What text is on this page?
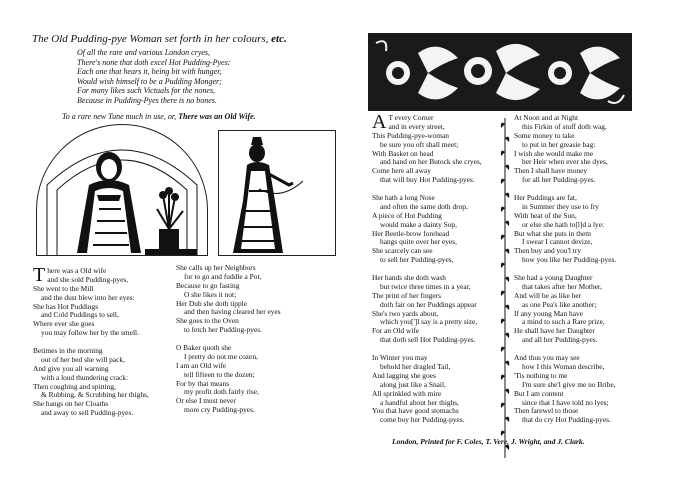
The Old Pudding-pye Woman set forth in her colours, etc.
Of all the rare and various London cryes,
There's none that doth excel Hot Pudding-Pyes:
Each one that hears it, being bit with hunger,
Would wish himself to be a Pudding Monger;
For many likes such Victuals for the nones,
Because in Pudding-Pyes there is no bones.
To a rare new Tune much in use, or, There was an Old Wife.
There was a Old wife
and she sold Pudding-pyes,
She went to the Mill
and the dust blew into her eyes:
She has Hot Puddings
and Cold Puddings to sell,
Where ever she goes
you may follow her by the smell.
Betimes in the morning
out of her bed she will pack,
And give you all warning
with a loud thundering crack:
Then coughing and spitting,
& Rubbing, & Scrubbing her thighs,
She hangs on her Cloaths
and away to sell Pudding-pyes.
She calls up her Neighbors
for to go and fuddle a Pot,
Because to go fasting
O she likes it not;
Her Dub she doth tipple
and then having cleared her eyes
She goes to the Oven
to fetch her Pudding-pyes.
O Baker quoth she
I pretty do not me cozen,
I am an Old wife
tell fifteen to the dozen;
For by that means
my profit doth fairly rise,
Or else I must never
more cry Pudding-pyes.
A T every Corner
and in every street,
This Pudding-pye-woman
be sure you oft shall meet;
With Basket on head
and hand on her Butock she cryes,
Come here all away
that will buy Hot Pudding-pyes.
She hath a long Nose
and often the same doth drop,
A piece of Hot Pudding
would make a dainty Sop,
Her Beetle-brow forehead
hangs quite over her eyes,
She scarcely can see
to sell her Pudding-pyes,
Her hands she doth wash
but twice three times in a year,
The print of her fingers
doth fair on her Puddings appear
She's two yards about,
which you[']l say is a pretty size,
For an Old wife
that doth sell Hot Pudding-pyes.
In Winter you may
behold her dragled Tail,
And lagging she goes
along just like a Snail,
All sprinkled with mire
a handful about her thighs,
You that have good stomachs
come buy her Pudding-pyes.
At Noon and at Night
this Firkin of stuff doth wag,
Some money to take
to put in her greasie bag:
I wish she would make me
her Heir when ever she dyes,
Then I shall have money
for all her Pudding-pyes.
Her Puddings are fat,
in Summer they use to fry
With heat of the Sun,
or else she hath to[l]d a lye:
But what she puts in them
I swear I cannot devize,
Then buy and you'l try
how you like her Pudding-pyes.
She had a young Daughter
that takes after her Mother,
And will be as like her
as one Pea's like another;
If any young Man have
a mind to such a Rare prize,
He shall have her Daughter
and all her Pudding-pyes.
And thus you may see
how I this Woman describe,
'Tis nothing to me
I'm sure she'l give me no Bribe,
But I am content
since that I have told no lyes;
Then farewel to those
that do cry Hot Pudding-pyes.
London, Printed for F. Coles, T. Vere, J. Wright, and J. Clark.
